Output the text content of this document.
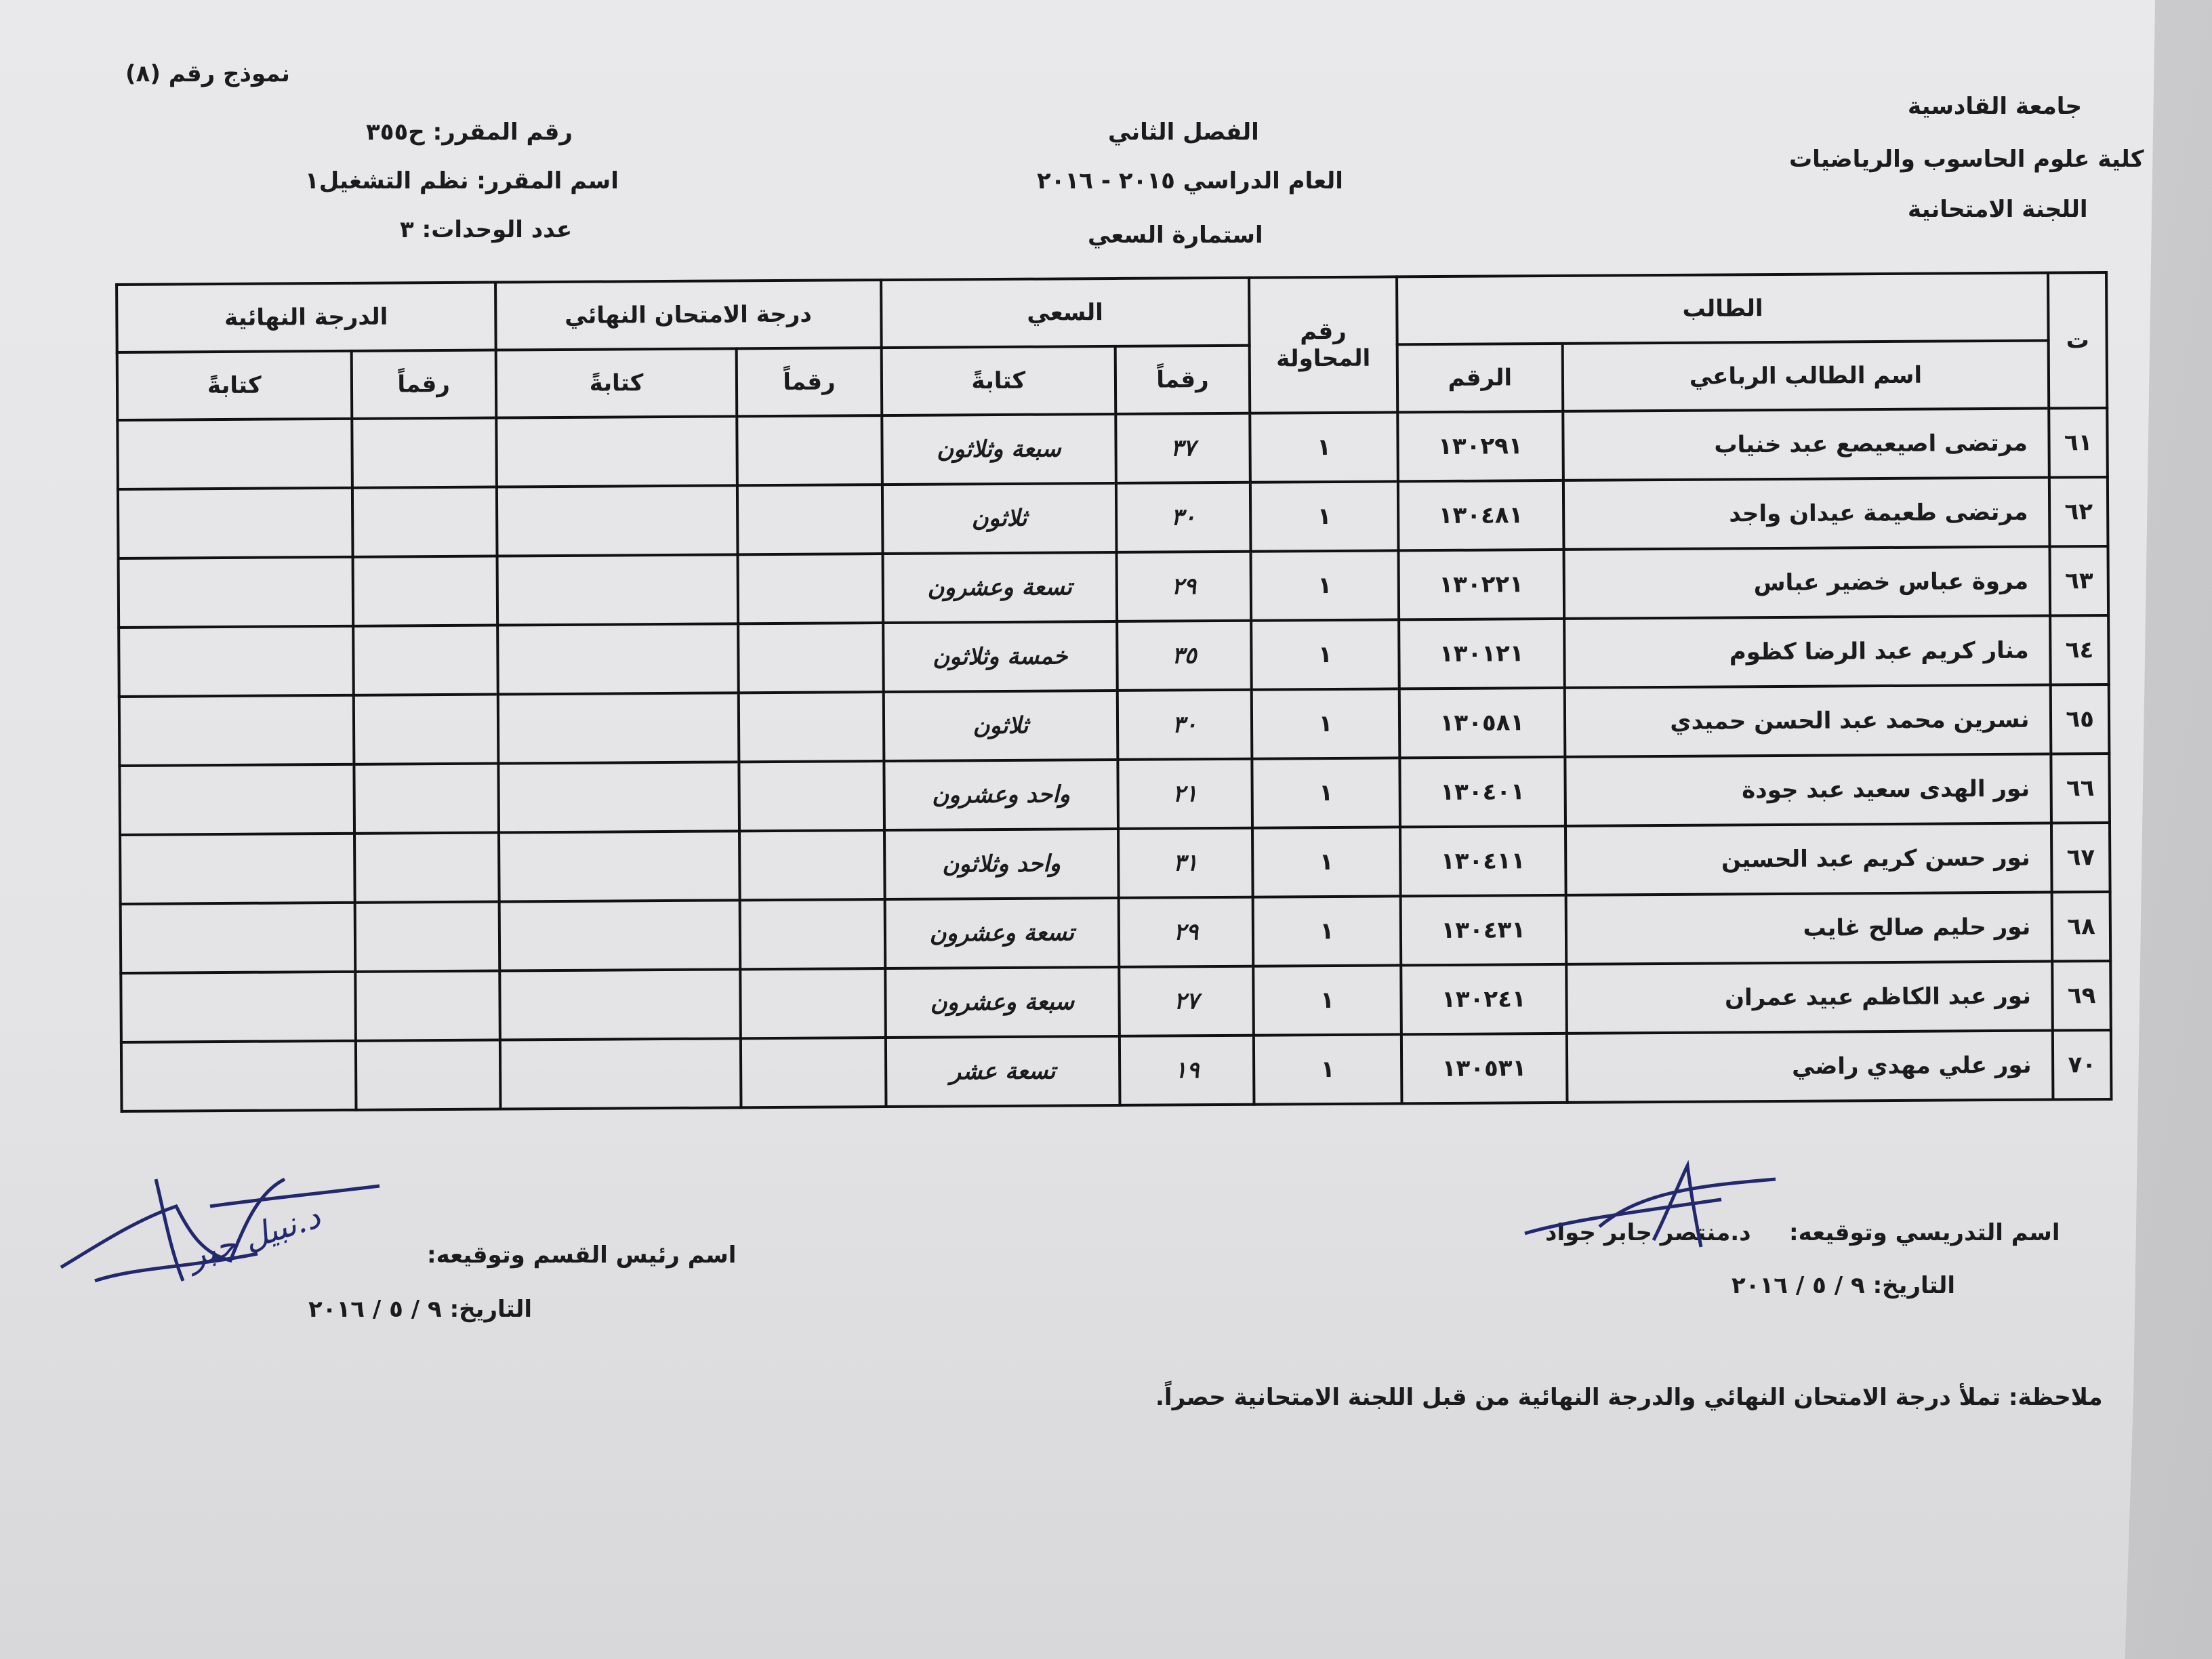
نموذج رقم (٨)
رقم المقرر: ح٣٥٥
اسم المقرر: نظم التشغيل١
عدد الوحدات: ٣
الفصل الثاني
العام الدراسي ٢٠١٥ - ٢٠١٦
استمارة السعي
جامعة القادسية
كلية علوم الحاسوب والرياضيات
اللجنة الامتحانية
ت	الطالب		رقم المحاولة	السعي		درجة الامتحان النهائي		الدرجة النهائية	
	اسم الطالب الرباعي	الرقم		رقماً	كتابةً	رقماً	كتابةً	رقماً	كتابةً
٦١	مرتضى اصيعيصع عبد خنياب	١٣٠٢٩١	١	٣٧	سبعة وثلاثون				
٦٢	مرتضى طعيمة عيدان واجد	١٣٠٤٨١	١	٣٠	ثلاثون				
٦٣	مروة عباس خضير عباس	١٣٠٢٢١	١	٢٩	تسعة وعشرون				
٦٤	منار كريم عبد الرضا كظوم	١٣٠١٢١	١	٣٥	خمسة وثلاثون				
٦٥	نسرين محمد عبد الحسن حميدي	١٣٠٥٨١	١	٣٠	ثلاثون				
٦٦	نور الهدى سعيد عبد جودة	١٣٠٤٠١	١	٢١	واحد وعشرون				
٦٧	نور حسن كريم عبد الحسين	١٣٠٤١١	١	٣١	واحد وثلاثون				
٦٨	نور حليم صالح غايب	١٣٠٤٣١	١	٢٩	تسعة وعشرون				
٦٩	نور عبد الكاظم عبيد عمران	١٣٠٢٤١	١	٢٧	سبعة وعشرون				
٧٠	نور علي مهدي راضي	١٣٠٥٣١	١	١٩	تسعة عشر				
اسم التدريسي وتوقيعه:
د.منتصر جابر جواد
التاريخ: ٩ / ٥ / ٢٠١٦
اسم رئيس القسم وتوقيعه:
التاريخ: ٩ / ٥ / ٢٠١٦
د.نبيل جبر
ملاحظة: تملأ درجة الامتحان النهائي والدرجة النهائية من قبل اللجنة الامتحانية حصراً.
